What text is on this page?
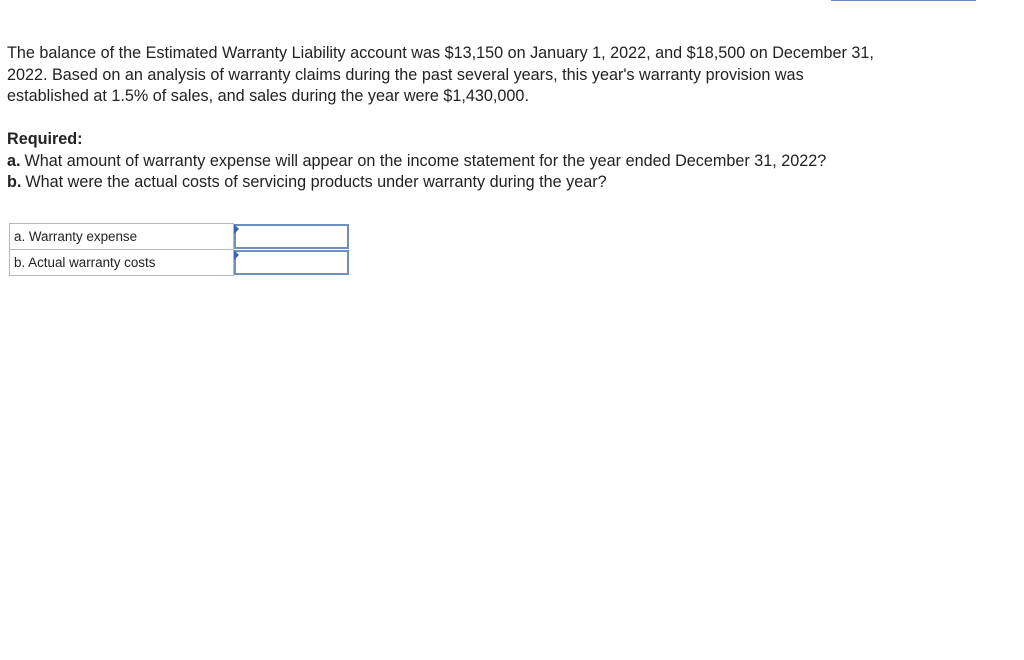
The balance of the Estimated Warranty Liability account was $13,150 on January 1, 2022, and $18,500 on December 31,
2022. Based on an analysis of warranty claims during the past several years, this year's warranty provision was
established at 1.5% of sales, and sales during the year were $1,430,000.

Required:

a. What amount of warranty expense will appear on the income statement for the year ended December 31, 2022?

b. What were the actual costs of servicing products under warranty during the year?

a. Warranty expense	

b. Actual warranty costs	
